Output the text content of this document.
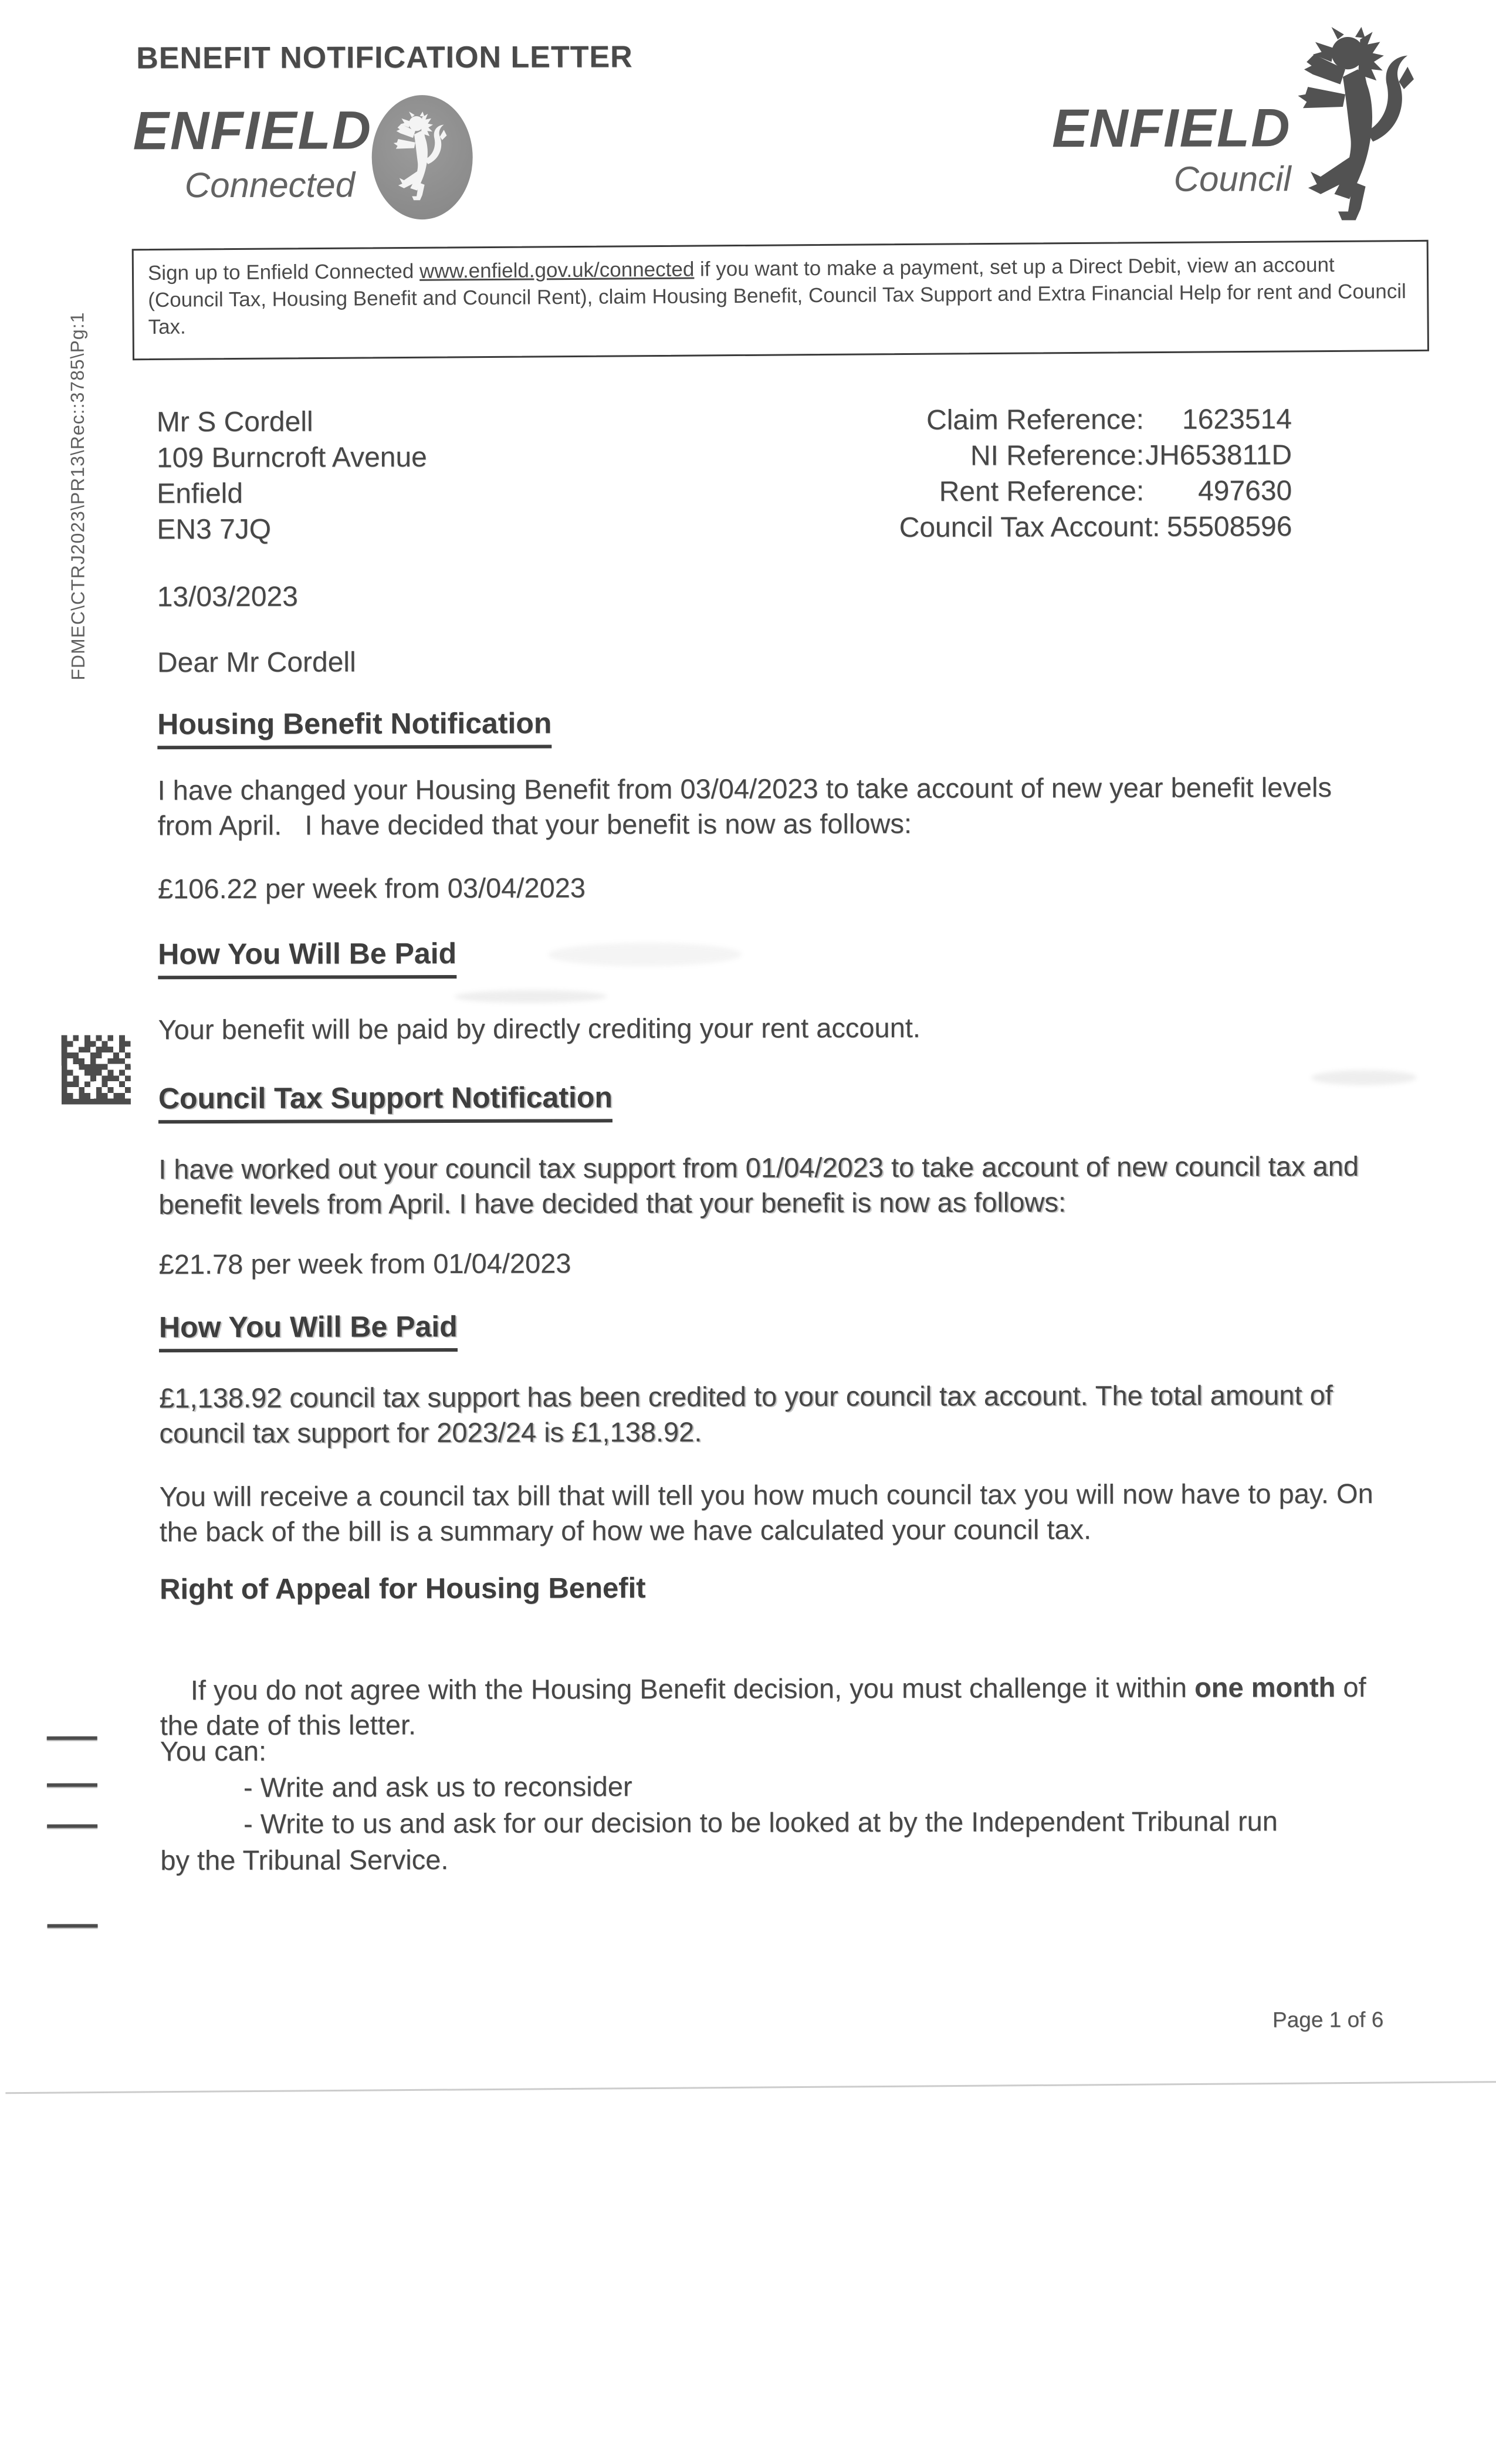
BENEFIT NOTIFICATION LETTER
ENFIELD
Connected
ENFIELD
Council
Sign up to Enfield Connected www.enfield.gov.uk/connected if you want to make a payment, set up a Direct Debit, view an account (Council Tax, Housing Benefit and Council Rent), claim Housing Benefit, Council Tax Support and Extra Financial Help for rent and Council Tax.
FDMEC\CTRJ2023\PR13\Rec::3785\Pg:1 Mr S Cordell
109 Burncroft Avenue
Enfield
EN3 7JQ
Claim Reference: 1623514
NI Reference:JH653811D
Rent Reference: 497630
Council Tax Account: 55508596
13/03/2023
Dear Mr Cordell
Housing Benefit Notification
I have changed your Housing Benefit from 03/04/2023 to take account of new year benefit levels from April.   I have decided that your benefit is now as follows:
£106.22 per week from 03/04/2023
How You Will Be Paid
Your benefit will be paid by directly crediting your rent account.
Council Tax Support Notification
I have worked out your council tax support from 01/04/2023 to take account of new council tax and benefit levels from April. I have decided that your benefit is now as follows:
£21.78 per week from 01/04/2023
How You Will Be Paid
£1,138.92 council tax support has been credited to your council tax account. The total amount of council tax support for 2023/24 is £1,138.92.
You will receive a council tax bill that will tell you how much council tax you will now have to pay. On the back of the bill is a summary of how we have calculated your council tax.
Right of Appeal for Housing Benefit

If you do not agree with the Housing Benefit decision, you must challenge it within one month of the date of this letter.

You can:
- Write and ask us to reconsider
- Write to us and ask for our decision to be looked at by the Independent Tribunal run
by the Tribunal Service.
Page 1 of 6
